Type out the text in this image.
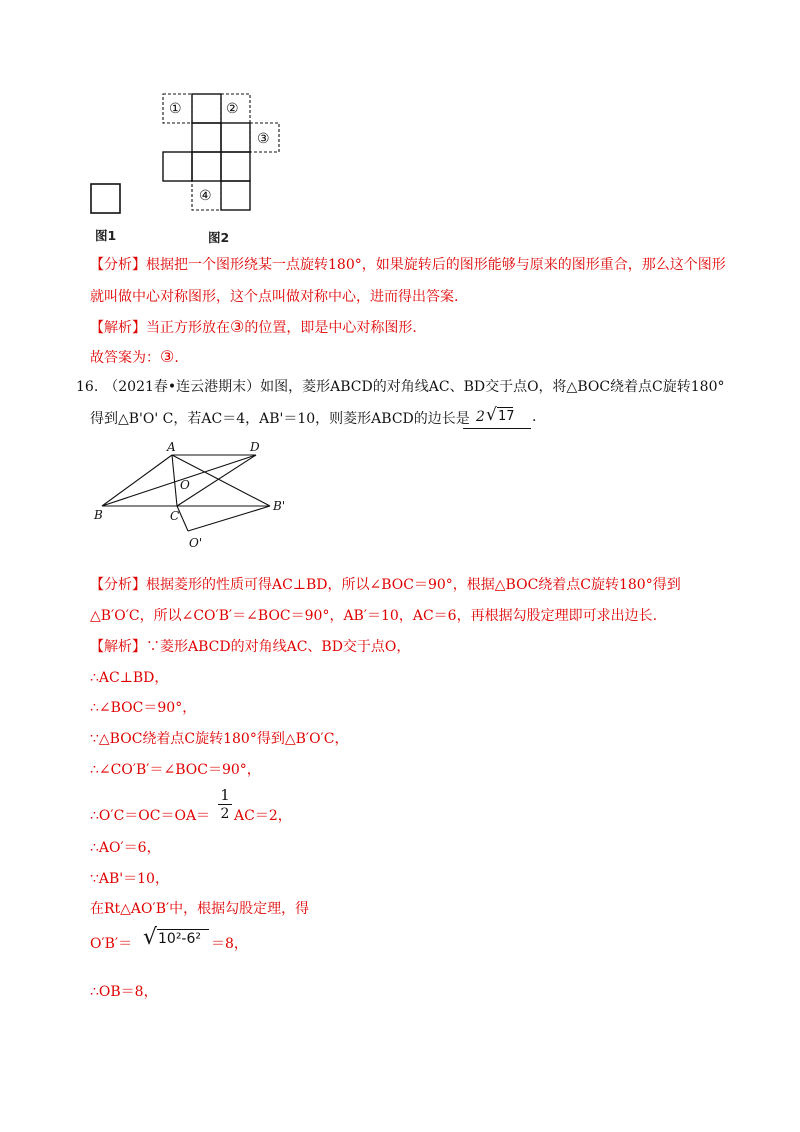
①	②
③
④
图1	图2
【分析】根据把一个图形绕某一点旋转180°，如果旋转后的图形能够与原来的图形重合，那么这个图形
就叫做中心对称图形，这个点叫做对称中心，进而得出答案.
【解析】当正方形放在③的位置，即是中心对称图形.
故答案为：③.
16. （2021春•连云港期末）如图，菱形ABCD的对角线AC、BD交于点O，将△BOC绕着点C旋转180°
得到△B'O' C，若AC＝4，AB'＝10，则菱形ABCD的边长是 2 √ 17 .
A	D
O
B	C
B'
O'
【分析】根据菱形的性质可得AC⊥BD，所以∠BOC＝90°，根据△BOC绕着点C旋转180°得到
△B′O′C，所以∠CO′B′＝∠BOC＝90°，AB′＝10，AC＝6，再根据勾股定理即可求出边长.
【解析】∵菱形ABCD的对角线AC、BD交于点O，
∴AC⊥BD，
∴∠BOC＝90°，
∵△BOC绕着点C旋转180°得到△B′O′C，
∴∠CO′B′＝∠BOC＝90°，
∴O′C＝OC＝OA＝
1
2 AC＝2，
∴AO′＝6，
∵AB'＝10，
在Rt△AO′B′中，根据勾股定理，得
O′B′＝ √ 10²-6² ＝8，
∴OB＝8，
